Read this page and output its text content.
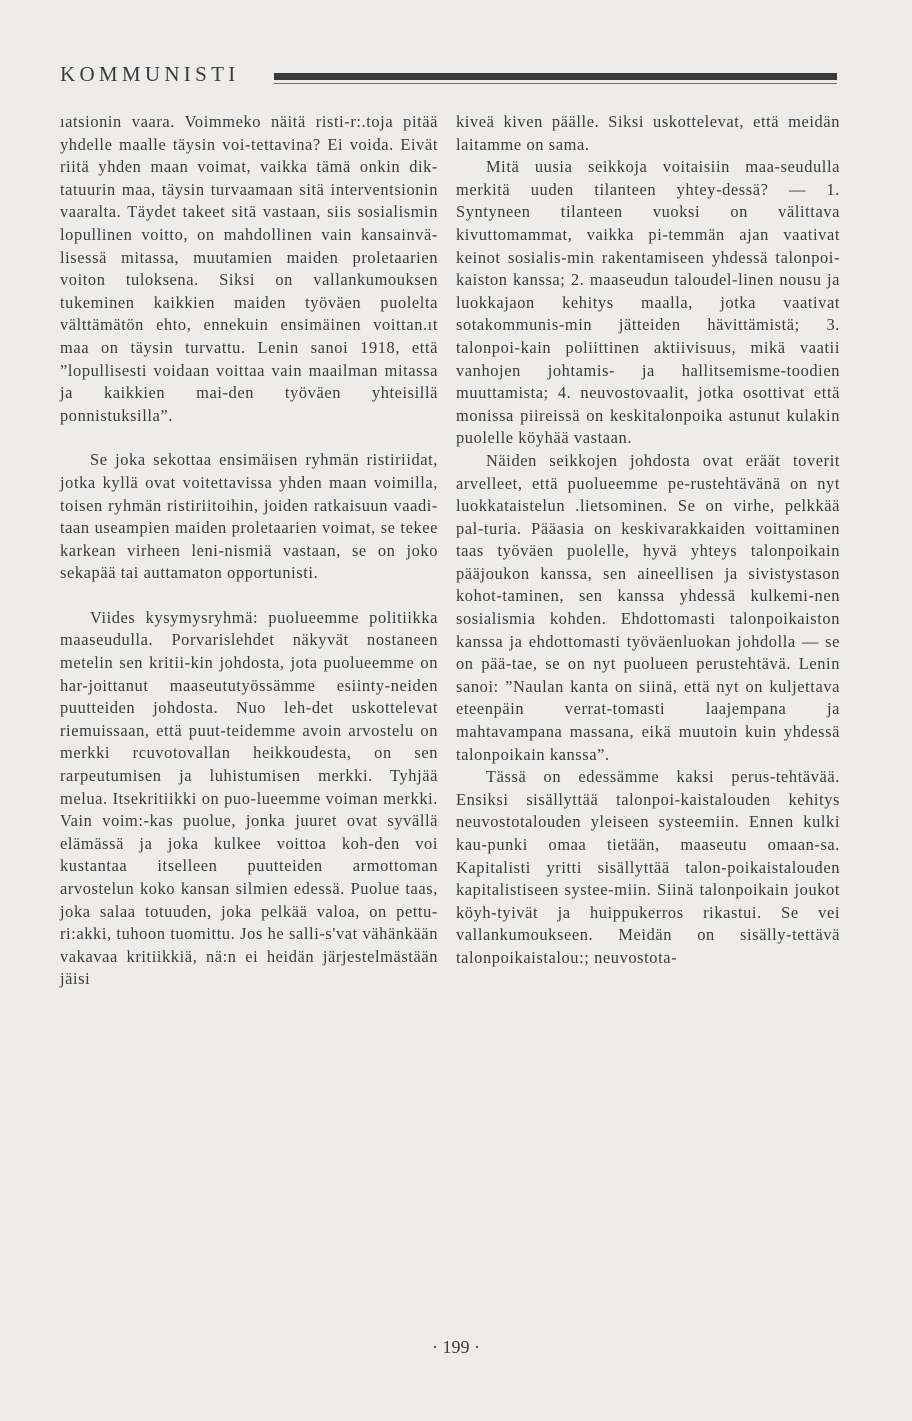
KOMMUNISTI

ıatsionin vaara. Voimmeko näitä risti-r:.toja pitää yhdelle maalle täysin voi-tettavina? Ei voida. Eivät riitä yhden maan voimat, vaikka tämä onkin dik-tatuurin maa, täysin turvaamaan sitä interventsionin vaaralta. Täydet takeet sitä vastaan, siis sosialismin lopullinen voitto, on mahdollinen vain kansainvä-lisessä mitassa, muutamien maiden proletaarien voiton tuloksena. Siksi on vallankumouksen tukeminen kaikkien maiden työväen puolelta välttämätön ehto, ennekuin ensimäinen voittan.ıt maa on täysin turvattu. Lenin sanoi 1918, että ”lopullisesti voidaan voittaa vain maailman mitassa ja kaikkien mai-den työväen yhteisillä ponnistuksilla”.

Se joka sekottaa ensimäisen ryhmän ristiriidat, jotka kyllä ovat voitettavissa yhden maan voimilla, toisen ryhmän ristiriitoihin, joiden ratkaisuun vaadi-taan useampien maiden proletaarien voimat, se tekee karkean virheen leni-nismiä vastaan, se on joko sekapää tai auttamaton opportunisti.

Viides kysymysryhmä: puolueemme politiikka maaseudulla. Porvarislehdet näkyvät nostaneen metelin sen kritii-kin johdosta, jota puolueemme on har-joittanut maaseututyössämme esiinty-neiden puutteiden johdosta. Nuo leh-det uskottelevat riemuissaan, että puut-teidemme avoin arvostelu on merkki rcuvotovallan heikkoudesta, on sen rarpeutumisen ja luhistumisen merkki. Tyhjää melua. Itsekritiikki on puo-lueemme voiman merkki. Vain voim:-kas puolue, jonka juuret ovat syvällä elämässä ja joka kulkee voittoa koh-den voi kustantaa itselleen puutteiden armottoman arvostelun koko kansan silmien edessä. Puolue taas, joka salaa totuuden, joka pelkää valoa, on pettu-ri:akki, tuhoon tuomittu. Jos he salli-s'vat vähänkään vakavaa kritiikkiä, nä:n ei heidän järjestelmästään jäisi

kiveä kiven päälle. Siksi uskottelevat, että meidän laitamme on sama.

Mitä uusia seikkoja voitaisiin maa-seudulla merkitä uuden tilanteen yhtey-dessä? — 1. Syntyneen tilanteen vuoksi on välittava kivuttomammat, vaikka pi-temmän ajan vaativat keinot sosialis-min rakentamiseen yhdessä talonpoi-kaiston kanssa; 2. maaseudun taloudel-linen nousu ja luokkajaon kehitys maalla, jotka vaativat sotakommunis-min jätteiden hävittämistä; 3. talonpoi-kain poliittinen aktiivisuus, mikä vaatii vanhojen johtamis- ja hallitsemisme-toodien muuttamista; 4. neuvostovaalit, jotka osottivat että monissa piireissä on keskitalonpoika astunut kulakin puolelle köyhää vastaan.

Näiden seikkojen johdosta ovat eräät toverit arvelleet, että puolueemme pe-rustehtävänä on nyt luokkataistelun .lietsominen. Se on virhe, pelkkää pal-turia. Pääasia on keskivarakkaiden voittaminen taas työväen puolelle, hyvä yhteys talonpoikain pääjoukon kanssa, sen aineellisen ja sivistystason kohot-taminen, sen kanssa yhdessä kulkemi-nen sosialismia kohden. Ehdottomasti talonpoikaiston kanssa ja ehdottomasti työväenluokan johdolla — se on pää-tae, se on nyt puolueen perustehtävä. Lenin sanoi: ”Naulan kanta on siinä, että nyt on kuljettava eteenpäin verrat-tomasti laajempana ja mahtavampana massana, eikä muutoin kuin yhdessä talonpoikain kanssa”.

Tässä on edessämme kaksi perus-tehtävää. Ensiksi sisällyttää talonpoi-kaistalouden kehitys neuvostotalouden yleiseen systeemiin. Ennen kulki kau-punki omaa tietään, maaseutu omaan-sa. Kapitalisti yritti sisällyttää talon-poikaistalouden kapitalistiseen systee-miin. Siinä talonpoikain joukot köyh-tyivät ja huippukerros rikastui. Se vei vallankumoukseen. Meidän on sisälly-tettävä talonpoikaistalou:; neuvostota-

· 199 ·
